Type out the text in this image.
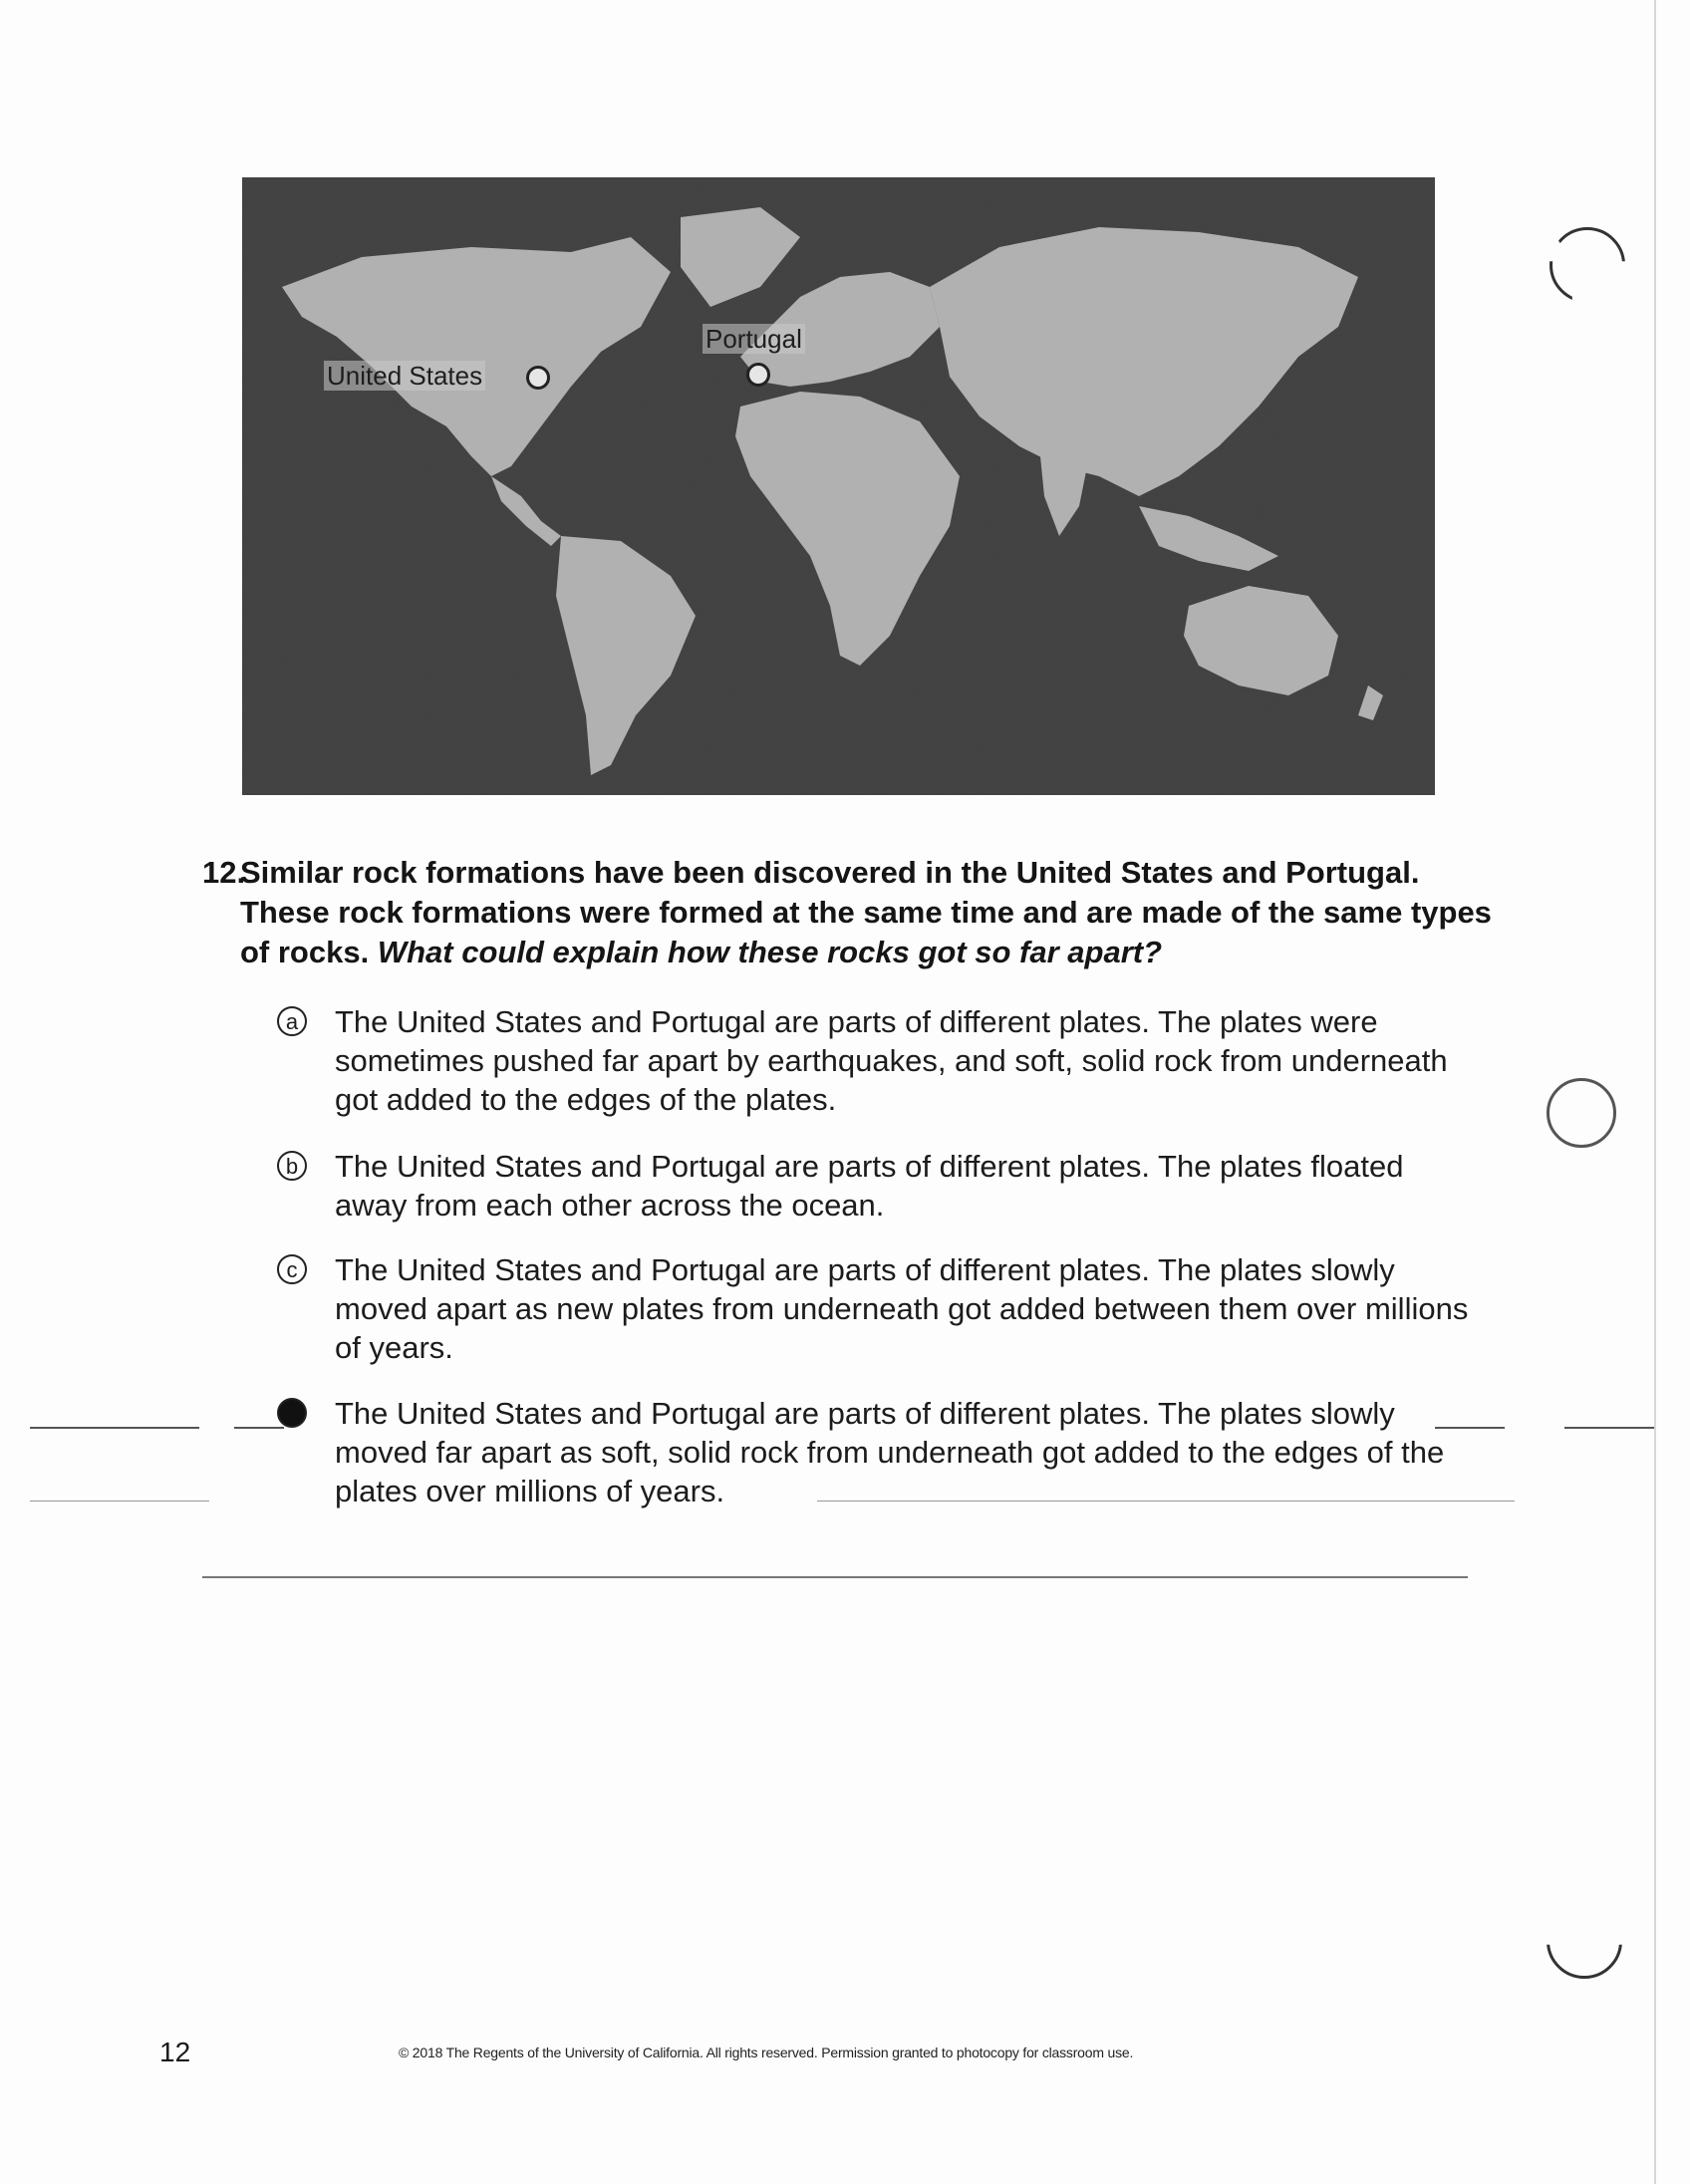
United States
Portugal
12.
Similar rock formations have been discovered in the United States and Portugal. These rock formations were formed at the same time and are made of the same types of rocks. What could explain how these rocks got so far apart?
a The United States and Portugal are parts of different plates. The plates were sometimes pushed far apart by earthquakes, and soft, solid rock from underneath got added to the edges of the plates.
b The United States and Portugal are parts of different plates. The plates floated away from each other across the ocean.
c	The United States and Portugal are parts of different plates. The plates slowly moved apart as new plates from underneath got added between them over millions of years.
d The United States and Portugal are parts of different plates. The plates slowly moved far apart as soft, solid rock from underneath got added to the edges of the plates over millions of years.
12	© 2018 The Regents of the University of California. All rights reserved. Permission granted to photocopy for classroom use.
